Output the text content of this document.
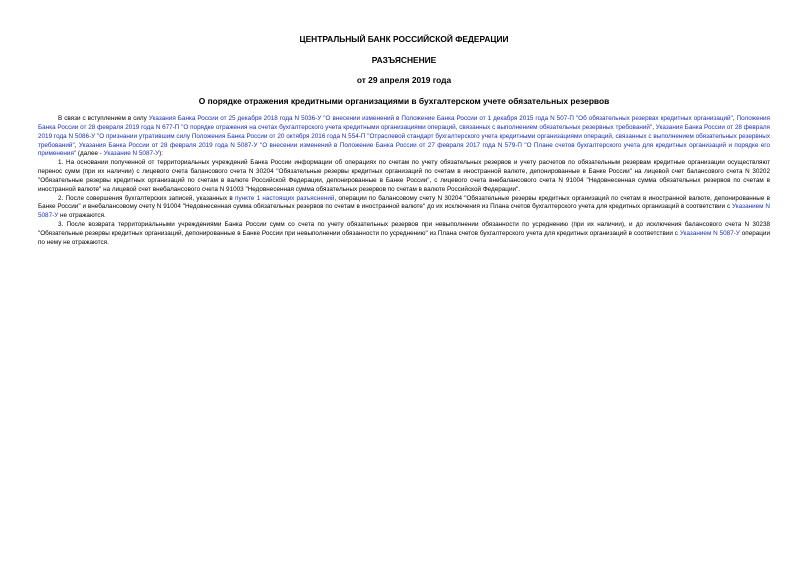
ЦЕНТРАЛЬНЫЙ БАНК РОССИЙСКОЙ ФЕДЕРАЦИИ

РАЗЪЯСНЕНИЕ

от 29 апреля 2019 года

О порядке отражения кредитными организациями в бухгалтерском учете обязательных резервов

В связи с вступлением в силу Указания Банка России от 25 декабря 2018 года N 5036-У "О внесении изменений в Положение Банка России от 1 декабря 2015 года N 507-П "Об обязательных резервах кредитных организаций", Положения Банка России от 28 февраля 2019 года N 677-П "О порядке отражения на счетах бухгалтерского учета кредитными организациями операций, связанных с выполнением обязательных резервных требований", Указания Банка России от 28 февраля 2019 года N 5086-У "О признании утратившим силу Положения Банка России от 20 октября 2016 года N 554-П "Отраслевой стандарт бухгалтерского учета кредитными организациями операций, связанных с выполнением обязательных резервных требований", Указания Банка России от 28 февраля 2019 года N 5087-У "О внесении изменений в Положение Банка России от 27 февраля 2017 года N 579-П "О Плане счетов бухгалтерского учета для кредитных организаций и порядке его применения" (далее - Указание N 5087-У):

1. На основании полученной от территориальных учреждений Банка России информации об операциях по счетам по учету обязательных резервов и учету расчетов по обязательным резервам кредитные организации осуществляют перенос сумм (при их наличии) с лицевого счета балансового счета N 30204 "Обязательные резервы кредитных организаций по счетам в иностранной валюте, депонированные в Банке России" на лицевой счет балансового счета N 30202 "Обязательные резервы кредитных организаций по счетам в валюте Российской Федерации, депонированные в Банке России", с лицевого счета внебалансового счета N 91004 "Недовнесенная сумма обязательных резервов по счетам в иностранной валюте" на лицевой счет внебалансового счета N 91003 "Недовнесенная сумма обязательных резервов по счетам в валюте Российской Федерации".

2. После совершения бухгалтерских записей, указанных в пункте 1 настоящих разъяснений, операции по балансовому счету N 30204 "Обязательные резервы кредитных организаций по счетам в иностранной валюте, депонированные в Банке России" и внебалансовому счету N 91004 "Недовнесенная сумма обязательных резервов по счетам в иностранной валюте" до их исключения из Плана счетов бухгалтерского учета для кредитных организаций в соответствии с Указанием N 5087-У не отражаются.

3. После возврата территориальными учреждениями Банка России сумм со счета по учету обязательных резервов при невыполнении обязанности по усреднению (при их наличии), и до исключения балансового счета N 30238 "Обязательные резервы кредитных организаций, депонированные в Банке России при невыполнении обязанности по усреднению" из Плана счетов бухгалтерского учета для кредитных организаций в соответствии с Указанием N 5087-У операции по нему не отражаются.
